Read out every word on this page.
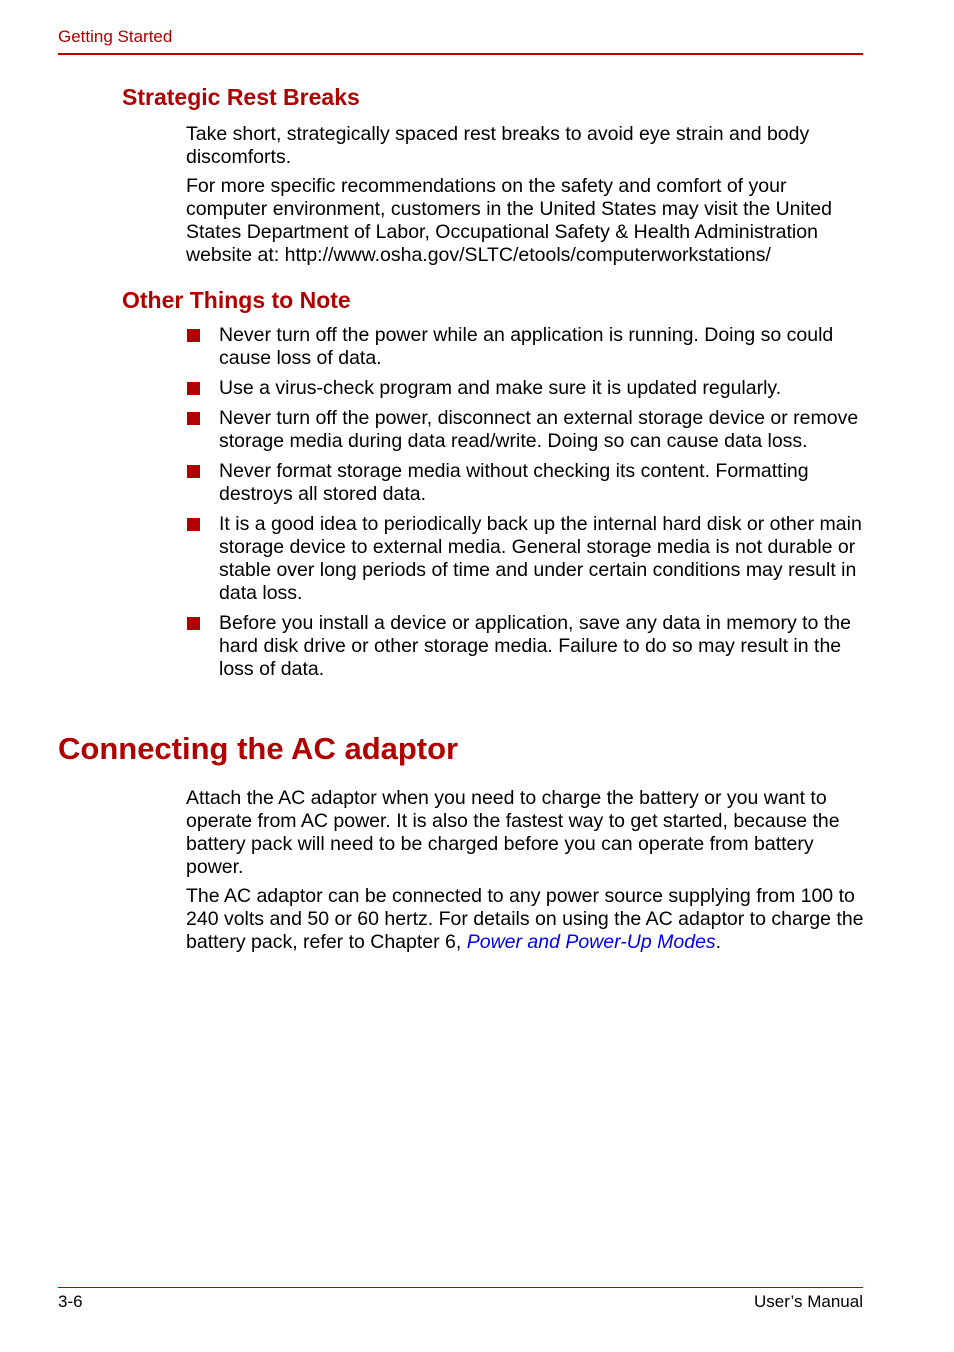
Getting Started
Strategic Rest Breaks

Take short, strategically spaced rest breaks to avoid eye strain and body discomforts.

For more specific recommendations on the safety and comfort of your computer environment, customers in the United States may visit the United States Department of Labor, Occupational Safety & Health Administration website at: http://www.osha.gov/SLTC/etools/computerworkstations/

Other Things to Note
Never turn off the power while an application is running. Doing so could cause loss of data.
Use a virus-check program and make sure it is updated regularly.
Never turn off the power, disconnect an external storage device or remove storage media during data read/write. Doing so can cause data loss.
Never format storage media without checking its content. Formatting destroys all stored data.
It is a good idea to periodically back up the internal hard disk or other main storage device to external media. General storage media is not durable or stable over long periods of time and under certain conditions may result in data loss.
Before you install a device or application, save any data in memory to the hard disk drive or other storage media. Failure to do so may result in the loss of data.
Connecting the AC adaptor

Attach the AC adaptor when you need to charge the battery or you want to operate from AC power. It is also the fastest way to get started, because the battery pack will need to be charged before you can operate from battery power.

The AC adaptor can be connected to any power source supplying from 100 to 240 volts and 50 or 60 hertz. For details on using the AC adaptor to charge the battery pack, refer to Chapter 6, Power and Power-Up Modes.

3-6	User’s Manual
